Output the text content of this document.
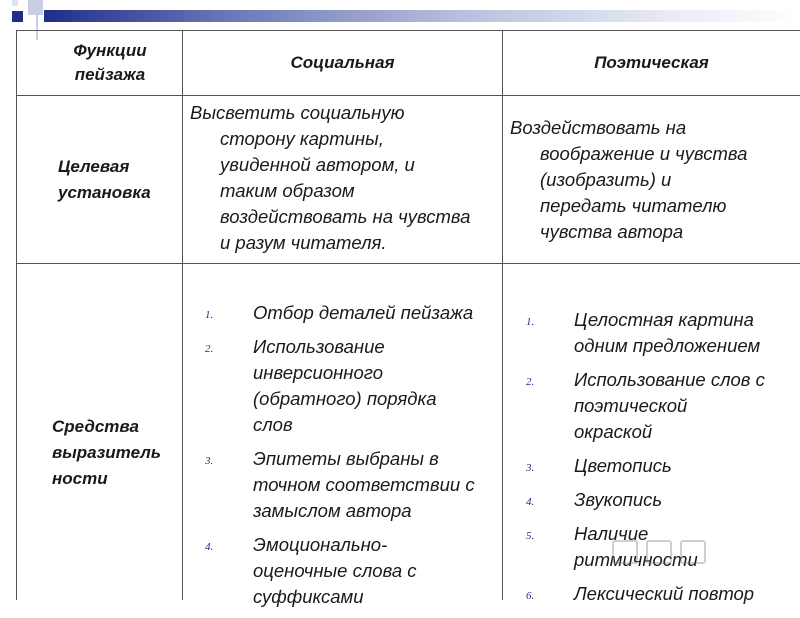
Функции
пейзажа
Социальная	Поэтическая
Целевая
установка
Высветить социальную
сторону картины,
увиденной автором, и
таким образом
воздействовать на чувства
и разум читателя.
Воздействовать на
воображение и чувства
(изобразить) и
передать читателю
чувства автора
Средства
выразитель
ности
1. Отбор деталей пейзажа
2. Использование
инверсионного
(обратного) порядка
слов
3. Эпитеты выбраны в
точном соответствии с
замыслом автора
4. Эмоционально-
оценочные слова с
суффиксами
1. Целостная картина
одним предложением
2. Использование слов с
поэтической
окраской
3. Цветопись
4. Звукопись
5. Наличие
ритмичности
6. Лексический повтор
